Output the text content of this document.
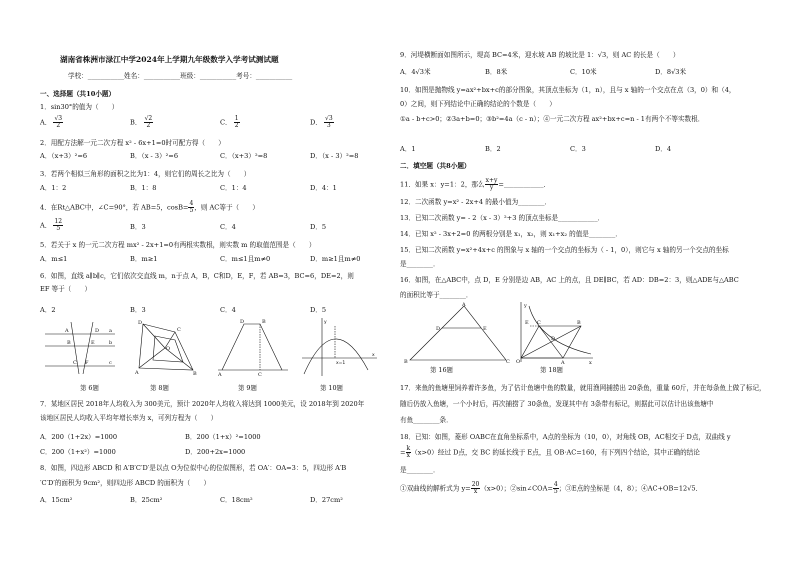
湖南省株洲市渌江中学2024年上学期九年级数学入学考试测试题
学校：___________姓名：___________班级：___________考号：___________
一、选择题（共10小题）
1．sin30°的值为（　　）
A． $\frac{√3}{2}$	B． $\frac{√2}{2}$	C． $\frac{1}{2}$	D． $\frac{√3}{3}$
2．用配方法解一元二次方程 x² - 6x+1=0时可配方得（　　）
A．（x+3）²=6	B．（x - 3）²=6	C．（x+3）²=8	D．（x - 3）²=8
3．若两个相似三角形的面积之比为1：4，则它们的周长之比为（　　）
A．1：2	B．1：8	C．1：4	D．4：1
4．在Rt△ABC中，∠C=90°，若 AB=5，$\cos B= \frac{4}{5}$ ，则 AC等于（　　）
A． $\frac{12}{5}$	B．3	C．4	D．5
5．若关于 x 的一元二次方程 mx² - 2x+1=0有两根实数根，则实数 m 的取值范围是（　　）
A．m≤1	B．m≥1	C．m≤1且m≠0	D．m≥1且m≠0
6．如图，直线 a∥b∥c，它们依次交直线 m，n于点 A，B，C和D，E，F，若 AB=3，BC=6，DE=2，则
EF 等于（　　）
A．2	B．3	C．4	D．5
A	D
B	E
C F
a
b
c
第 6题
D
C
A	B
O
第 8题
D	B
A	C
第 9题
x=1
x
y
第 10题
7．某地区居民 2018年人均收入为 300美元，预计 2020年人均收入将达到 1000美元，设 2018年到 2020年
该地区居民人均收入平均年增长率为 x，可列方程为（　　）
A．200（1+2x）=1000	B．200（1+x）²=1000
C．200（1+x²）=1000	D．200+2x=1000
8．如图，四边形 ABCD 和 A′B′C′D′是以点 O为位似中心的位似图形，若 OA′：OA=3：5，四边形 A′B
′C′D′的面积为 9cm²，则四边形 ABCD 的面积为（　　）
A．15cm²	B．25cm²	C．18cm²	D．27cm²
9．河堤横断面如图所示，堤高 BC=4米，迎水坡 AB 的坡比是 1：√3，则 AC 的长是（　　）
A．4√3米	B．8米	C．10米	D．8√3米
10．如图是抛物线 y=ax²+bx+c的部分图象，其顶点坐标为（1，n），且与 x 轴的一个交点在点（3，0）和（4，
0）之间，则下列结论中正确的结论的个数是（　　）
①a - b+c>0；②3a+b=0；③b²=4a（c - n）；④一元二次方程 ax²+bx+c=n - 1有两个不等实数根．
A．1	B．2	C．3	D．4
二．填空题（共8小题）
11．如果 x：y=1：2，那么 $\frac{x+y}{y}$ =____________．
12．二次函数 y=x² - 2x+4 的最小值为________．
13．已知二次函数 y= - 2（x - 3）²+3 的顶点坐标是____________．
14．已知 x² - 3x+2=0 的两根分别是 x₁，x₂，则 x₁+x₂ 的值是________．
15．已知二次函数 y=x²+4x+c 的图象与 x 轴的一个交点的坐标为（ - 1，0），则它与 x 轴的另一个交点的坐标
是________．
16．如图，在△ABC中，点 D，E 分别是边 AB，AC 上的点，且 DE∥BC，若 AD：DB=2：3，则△ADE与△ABC
的面积比等于________．
A
D	E
B	C
第 16题
y
E C	B
D
O	A	x
第 18题
17．来鱼的鱼塘里饲养着许多鱼，为了估计鱼塘中鱼的数量，就用渔网捕捞出 20条鱼，重量 60斤，并在每条鱼上做了标记，
随后仍放入鱼塘，一个小时后，再次捕捞了 30条鱼，发现其中有 3条带有标记，则据此可以估计出该鱼塘中
有鱼________条．
18．已知：如图，菱形 OABC在直角坐标系中，A点的坐标为（10，0），对角线 OB，AC相交于 D点，双曲线 y
= $\frac{k}{x} (x>0)$经过 D点，交 BC 的延长线于 E点，且 OB·AC=160，有下列四个结论，其中正确的结论
是________．
①双曲线的解析式为 $y= \frac{20}{x} (x>0)$；②sin∠COA= $\frac{4}{5}$ ；③E点的坐标是（4，8）；④AC+OB=12√5．
